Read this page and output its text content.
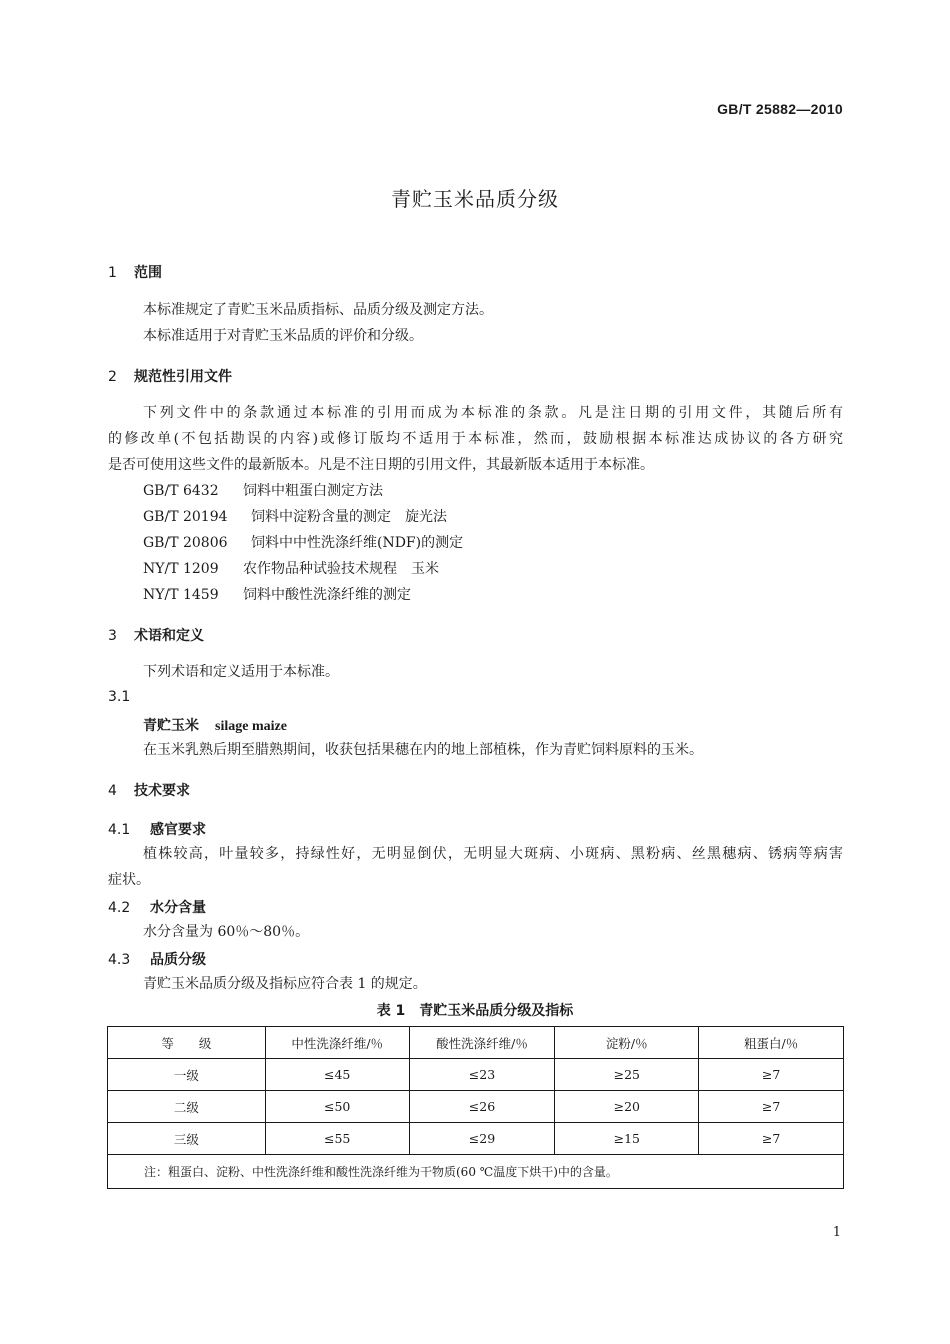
GB/T 25882—2010
青贮玉米品质分级
1 范围
本标准规定了青贮玉米品质指标、品质分级及测定方法。
本标准适用于对青贮玉米品质的评价和分级。
2 规范性引用文件
下列文件中的条款通过本标准的引用而成为本标准的条款。凡是注日期的引用文件，其随后所有
的修改单(不包括勘误的内容)或修订版均不适用于本标准，然而，鼓励根据本标准达成协议的各方研究
是否可使用这些文件的最新版本。凡是不注日期的引用文件，其最新版本适用于本标准。
GB/T 6432 饲料中粗蛋白测定方法
GB/T 20194 饲料中淀粉含量的测定　旋光法
GB/T 20806 饲料中中性洗涤纤维(NDF)的测定
NY/T 1209 农作物品种试验技术规程　玉米
NY/T 1459 饲料中酸性洗涤纤维的测定
3 术语和定义
下列术语和定义适用于本标准。
3.1
青贮玉米 silage maize
在玉米乳熟后期至腊熟期间，收获包括果穗在内的地上部植株，作为青贮饲料原料的玉米。
4 技术要求
4.1 感官要求
植株较高，叶量较多，持绿性好，无明显倒伏，无明显大斑病、小斑病、黑粉病、丝黑穗病、锈病等病害
症状。
4.2 水分含量
水分含量为 60％～80％。
4.3 品质分级
青贮玉米品质分级及指标应符合表 1 的规定。
表 1　青贮玉米品质分级及指标
等　　级	中性洗涤纤维/％	酸性洗涤纤维/％	淀粉/％	粗蛋白/％
一级	≤45	≤23	≥25	≥7
二级	≤50	≤26	≥20	≥7
三级	≤55	≤29	≥15	≥7
注：粗蛋白、淀粉、中性洗涤纤维和酸性洗涤纤维为干物质(60 ℃温度下烘干)中的含量。				
1
